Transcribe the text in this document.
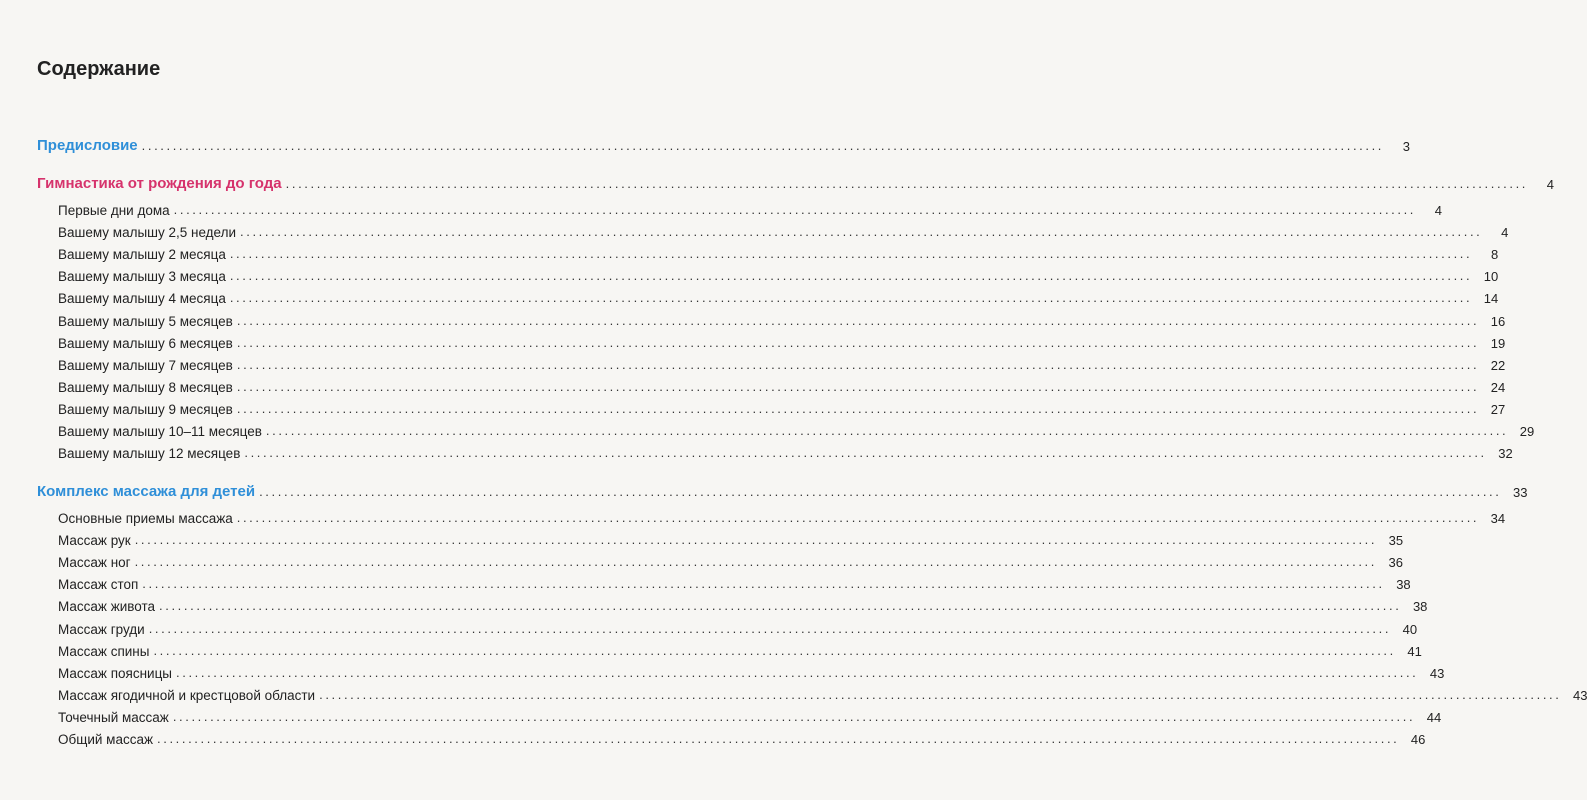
Содержание
Предисловие ........................................................................................................................................................................................................	3
Гимнастика от рождения до года ........................................................................................................................................................................................................	4
Первые дни дома ........................................................................................................................................................................................................	4
Вашему малышу 2,5 недели ........................................................................................................................................................................................................	4
Вашему малышу 2 месяца ........................................................................................................................................................................................................	8
Вашему малышу 3 месяца ........................................................................................................................................................................................................ 10
Вашему малышу 4 месяца ........................................................................................................................................................................................................ 14
Вашему малышу 5 месяцев ........................................................................................................................................................................................................ 16
Вашему малышу 6 месяцев ........................................................................................................................................................................................................ 19
Вашему малышу 7 месяцев ........................................................................................................................................................................................................ 22
Вашему малышу 8 месяцев ........................................................................................................................................................................................................ 24
Вашему малышу 9 месяцев ........................................................................................................................................................................................................ 27
Вашему малышу 10–11 месяцев ........................................................................................................................................................................................................ 29
Вашему малышу 12 месяцев ........................................................................................................................................................................................................ 32
Комплекс массажа для детей ........................................................................................................................................................................................................ 33
Основные приемы массажа ........................................................................................................................................................................................................ 34
Массаж рук ........................................................................................................................................................................................................ 35
Массаж ног ........................................................................................................................................................................................................ 36
Массаж стоп ........................................................................................................................................................................................................ 38
Массаж живота ........................................................................................................................................................................................................ 38
Массаж груди ........................................................................................................................................................................................................ 40
Массаж спины ........................................................................................................................................................................................................ 41
Массаж поясницы ........................................................................................................................................................................................................ 43
Массаж ягодичной и крестцовой области ........................................................................................................................................................................................................ 43
Точечный массаж ........................................................................................................................................................................................................ 44
Общий массаж ........................................................................................................................................................................................................ 46
